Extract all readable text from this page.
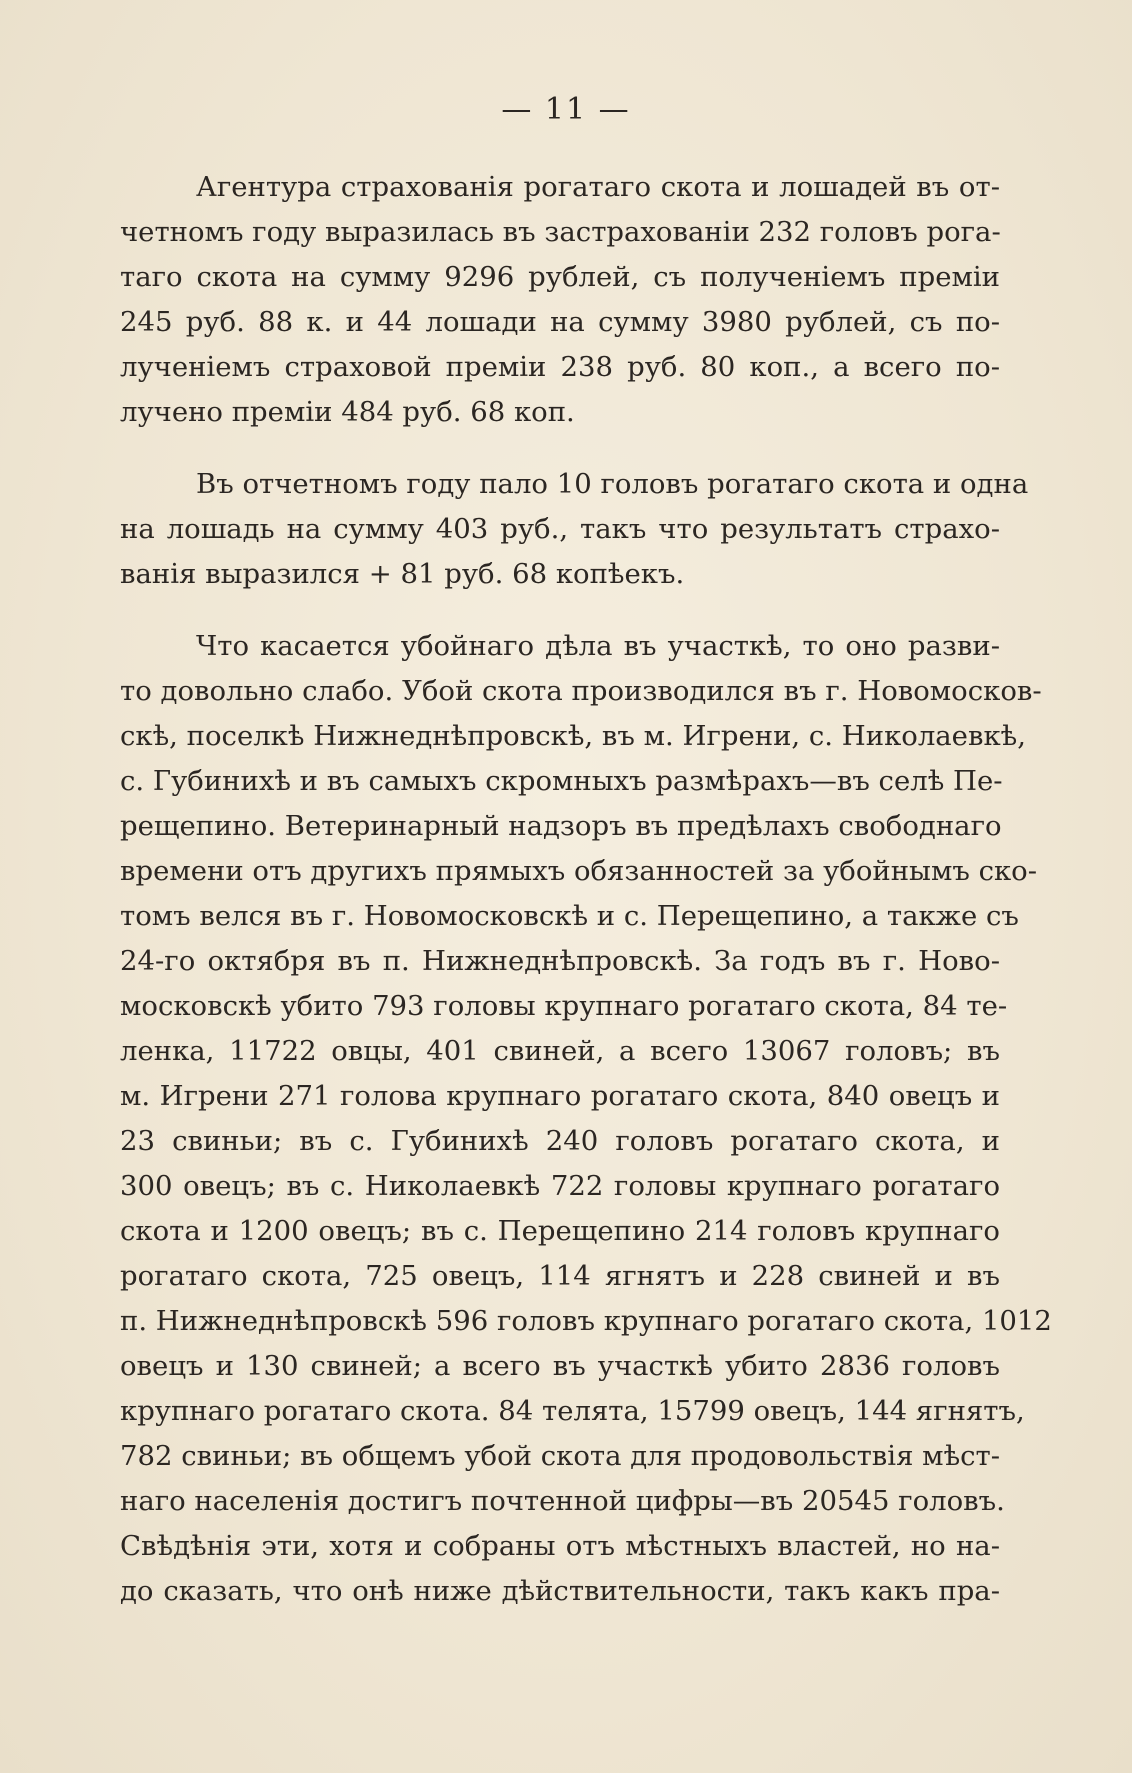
— 11 —
Агентура страхованія рогатаго скота и лошадей въ от-
четномъ году выразилась въ застрахованіи 232 головъ рога-
таго скота на сумму 9296 рублей, съ полученіемъ преміи
245 руб. 88 к. и 44 лошади на сумму 3980 рублей, съ по-
лученіемъ страховой преміи 238 руб. 80 коп., а всего по-
лучено преміи 484 руб. 68 коп.
Въ отчетномъ году пало 10 головъ рогатаго скота и одна
на лошадь на сумму 403 руб., такъ что результатъ страхо-
ванія выразился + 81 руб. 68 копѣекъ.
Что касается убойнаго дѣла въ участкѣ, то оно разви-
то довольно слабо. Убой скота производился въ г. Новомосков-
скѣ, поселкѣ Нижнеднѣпровскѣ, въ м. Игрени, с. Николаевкѣ,
с. Губинихѣ и въ самыхъ скромныхъ размѣрахъ—въ селѣ Пе-
рещепино. Ветеринарный надзоръ въ предѣлахъ свободнаго
времени отъ другихъ прямыхъ обязанностей за убойнымъ ско-
томъ велся въ г. Новомосковскѣ и с. Перещепино, а также съ
24-го октября въ п. Нижнеднѣпровскѣ. За годъ въ г. Ново-
московскѣ убито 793 головы крупнаго рогатаго скота, 84 те-
ленка, 11722 овцы, 401 свиней, а всего 13067 головъ; въ
м. Игрени 271 голова крупнаго рогатаго скота, 840 овецъ и
23 свиньи; въ с. Губинихѣ 240 головъ рогатаго скота, и
300 овецъ; въ с. Николаевкѣ 722 головы крупнаго рогатаго
скота и 1200 овецъ; въ с. Перещепино 214 головъ крупнаго
рогатаго скота, 725 овецъ, 114 ягнятъ и 228 свиней и въ
п. Нижнеднѣпровскѣ 596 головъ крупнаго рогатаго скота, 1012
овецъ и 130 свиней; а всего въ участкѣ убито 2836 головъ
крупнаго рогатаго скота. 84 телята, 15799 овецъ, 144 ягнятъ,
782 свиньи; въ общемъ убой скота для продовольствія мѣст-
наго населенія достигъ почтенной цифры—въ 20545 головъ.
Свѣдѣнія эти, хотя и собраны отъ мѣстныхъ властей, но на-
до сказать, что онѣ ниже дѣйствительности, такъ какъ пра-
